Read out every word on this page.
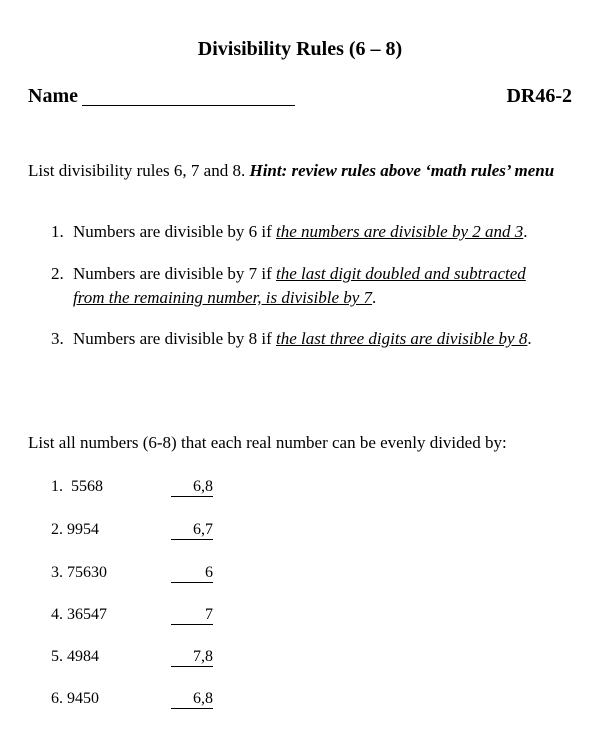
Divisibility Rules (6 – 8)
Name	DR46-2
List divisibility rules 6, 7 and 8. Hint: review rules above ‘math rules’ menu
1. Numbers are divisible by 6 if the numbers are divisible by 2 and 3.
2. Numbers are divisible by 7 if the last digit doubled and subtracted
from the remaining number, is divisible by 7.
3. Numbers are divisible by 8 if the last three digits are divisible by 8.
List all numbers (6-8) that each real number can be evenly divided by:
1.  5568	6,8
2. 9954	6,7
3. 75630	6
4. 36547	7
5. 4984	7,8
6. 9450	6,8
